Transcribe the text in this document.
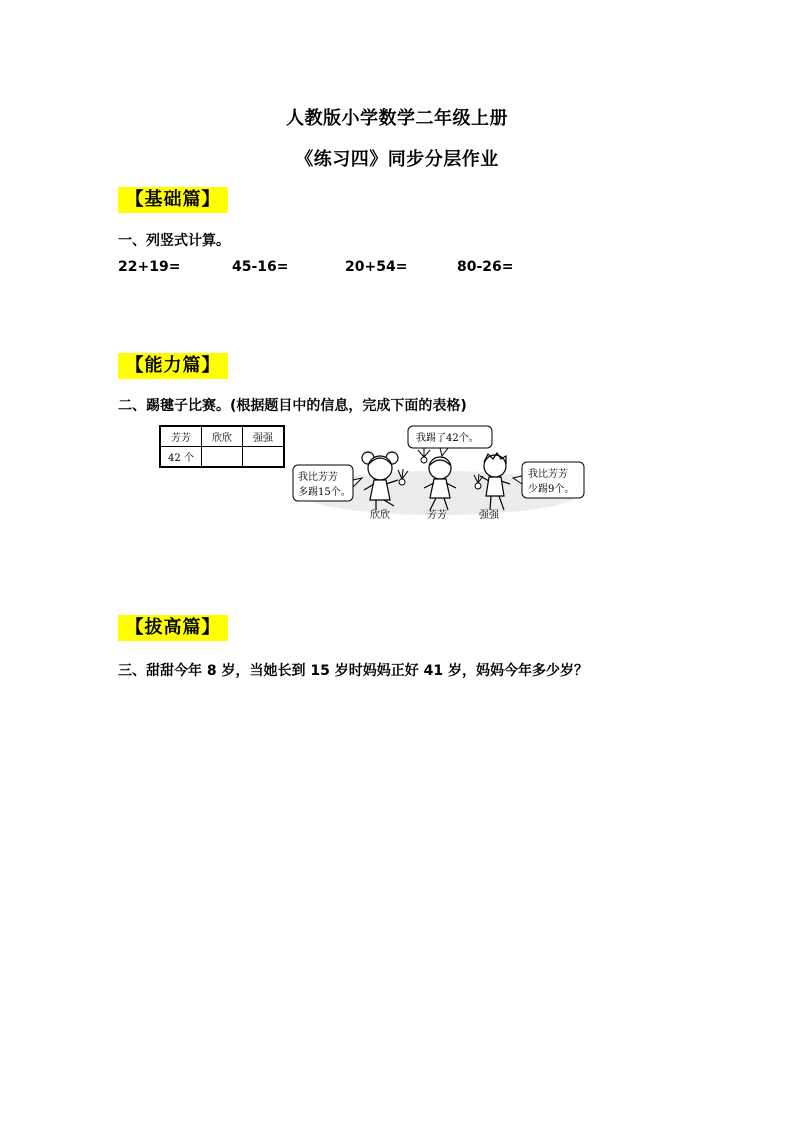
人教版小学数学二年级上册
《练习四》同步分层作业
【基础篇】
一、列竖式计算。
22+19=	45-16=	20+54=	80-26=
【能力篇】
二、踢毽子比赛。(根据题目中的信息，完成下面的表格)
芳芳	欣欣	强强
42 个		
我比芳芳
多踢15个。
我踢了42个。
我比芳芳
少踢9个。
欣欣	芳芳	强强
【拔高篇】
三、甜甜今年 8 岁，当她长到 15 岁时妈妈正好 41 岁，妈妈今年多少岁？
